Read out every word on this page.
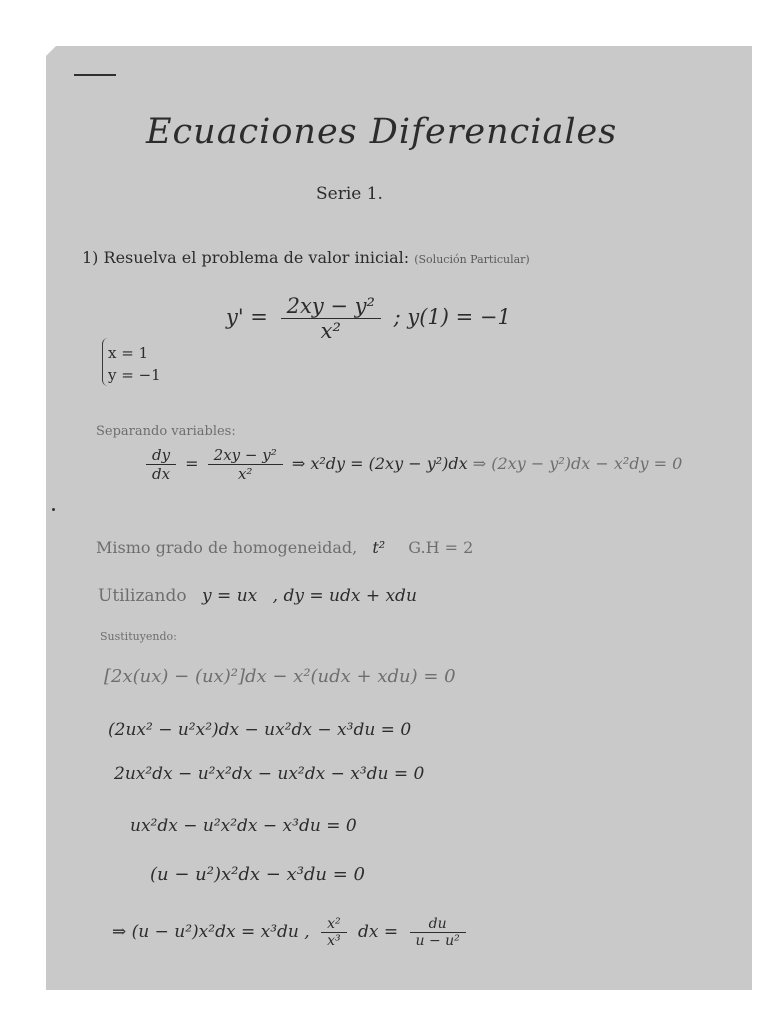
Ecuaciones Diferenciales
Serie 1.
1) Resuelva el problema de valor inicial: (Solución Particular)
$y' = \frac{\text{2xy − y²}}{\text{x²}}$ ; y(1) = −1
x = 1
y = −1
Separando variables:
$\frac{dy}{dx} = \frac{\text{2xy − y²}}{\text{x²}}$ ⇒ x²dy = (2xy − y²)dx ⇒ (2xy − y²)dx − x²dy = 0
Mismo grado de homogeneidad, t² G.H = 2
Utilizando y = ux , dy = udx + xdu
Sustituyendo:
[2x(ux) − (ux)²]dx − x²(udx + xdu) = 0
(2ux² − u²x²)dx − ux²dx − x³du = 0
2ux²dx − u²x²dx − ux²dx − x³du = 0
ux²dx − u²x²dx − x³du = 0
(u − u²)x²dx − x³du = 0
⇒ (u − u²)x²dx = x³du , $\frac{\text{x²}}{\text{x³}}$ dx = $\frac{du}{\text{u − u²}}$
